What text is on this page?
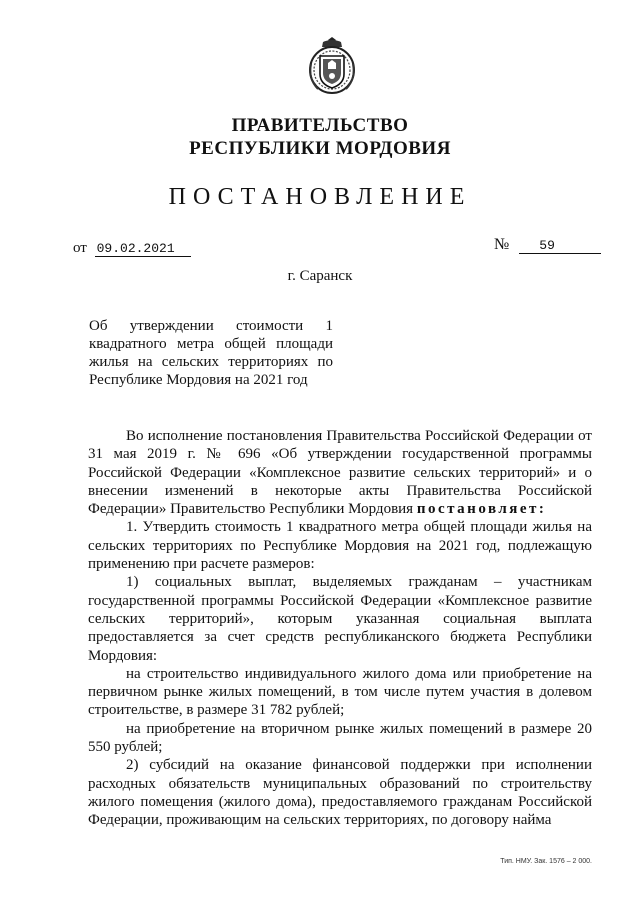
ПРАВИТЕЛЬСТВО
РЕСПУБЛИКИ МОРДОВИЯ
ПОСТАНОВЛЕНИЕ
от 09.02.2021	№ 59
г. Саранск
Об утверждении стоимости 1 квадратного метра общей площади жилья на сельских территориях по Республике Мордовия на 2021 год

Во исполнение постановления Правительства Российской Федерации от 31 мая 2019 г. № 696 «Об утверждении государственной программы Российской Федерации «Комплексное развитие сельских территорий» и о внесении изменений в некоторые акты Правительства Российской Федерации» Правительство Республики Мордовия постановляет:

1. Утвердить стоимость 1 квадратного метра общей площади жилья на сельских территориях по Республике Мордовия на 2021 год, подлежащую применению при расчете размеров:

1) социальных выплат, выделяемых гражданам – участникам государственной программы Российской Федерации «Комплексное развитие сельских территорий», которым указанная социальная выплата предоставляется за счет средств республиканского бюджета Республики Мордовия:

на строительство индивидуального жилого дома или приобретение на первичном рынке жилых помещений, в том числе путем участия в долевом строительстве, в размере 31 782 рублей;

на приобретение на вторичном рынке жилых помещений в размере 20 550 рублей;

2) субсидий на оказание финансовой поддержки при исполнении расходных обязательств муниципальных образований по строительству жилого помещения (жилого дома), предоставляемого гражданам Российской Федерации, проживающим на сельских территориях, по договору найма

Тип. НМУ. Зак. 1576 – 2 000.
